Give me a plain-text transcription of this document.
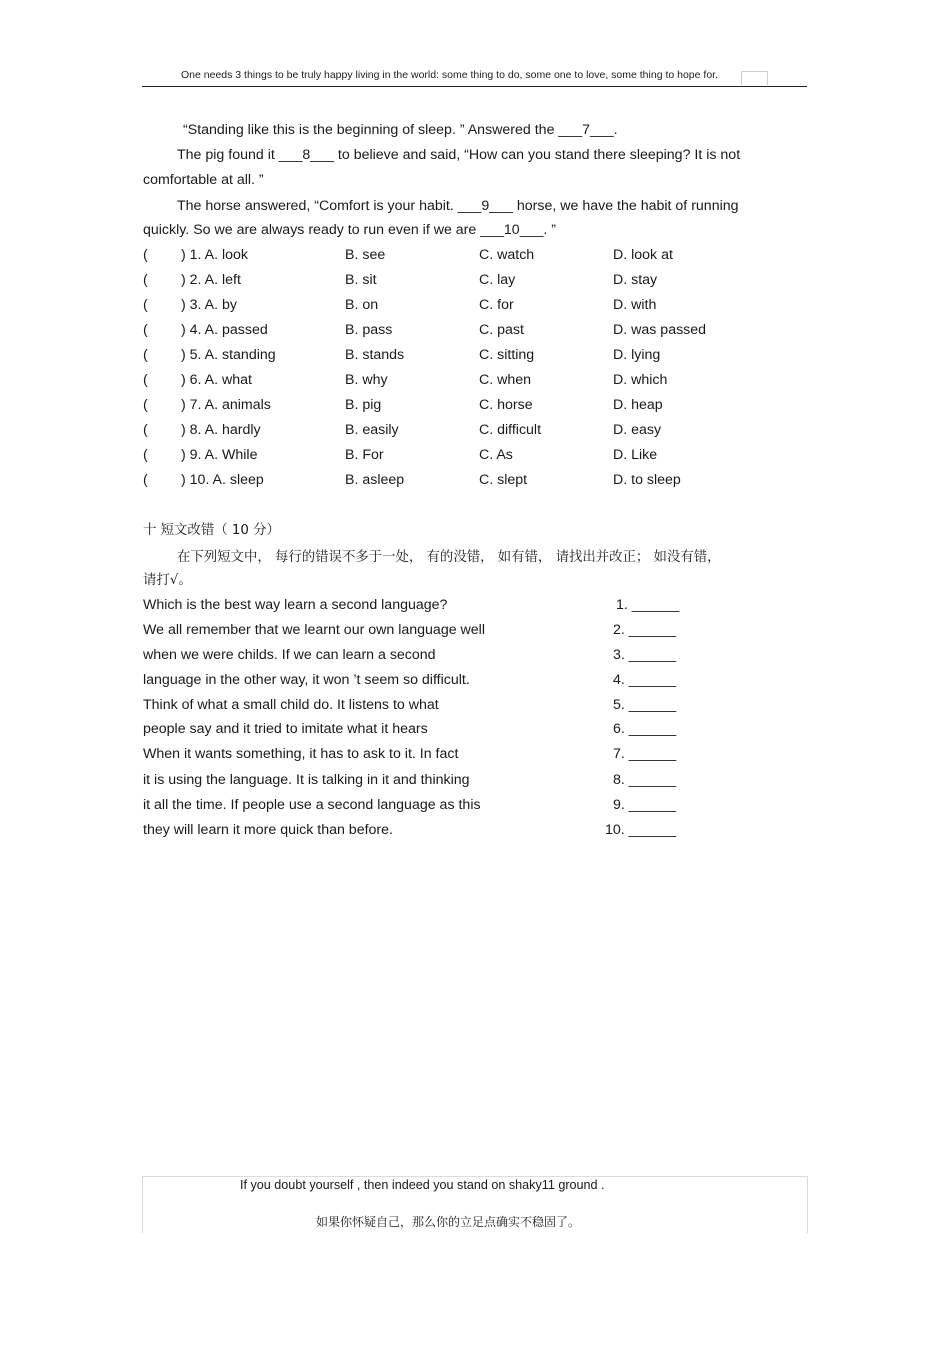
One needs 3 things to be truly happy living in the world: some thing to do, some one to love, some thing to hope for.
“Standing like this is the beginning of sleep. ” Answered the ___7___.
The pig found it ___8___ to believe and said, “How can you stand there sleeping? It is not
comfortable at all. ”
The horse answered, “Comfort is your habit. ___9___ horse, we have the habit of running
quickly. So we are always ready to run even if we are ___10___. ”
( ) 1. A. look	B. see	C. watch	D. look at
( ) 2. A. left	B. sit	C. lay	D. stay
( ) 3. A. by	B. on	C. for	D. with
( ) 4. A. passed	B. pass	C. past	D. was passed
( ) 5. A. standing	B. stands	C. sitting	D. lying
( ) 6. A. what	B. why	C. when	D. which
( ) 7. A. animals	B. pig	C. horse	D. heap
( ) 8. A. hardly	B. easily	C. difficult	D. easy
( ) 9. A. While	B. For	C. As	D. Like
( ) 10. A. sleep	B. asleep	C. slept	D. to sleep
十 短文改错（ 10 分）
在下列短文中， 每行的错误不多于一处， 有的没错， 如有错， 请找出并改正； 如没有错，
请打√。
Which is the best way learn a second language?	1. ______
We all remember that we learnt our own language well	2. ______
when we were childs. If we can learn a second	3. ______
language in the other way, it won ’t seem so difficult.	4. ______
Think of what a small child do. It listens to what	5. ______
people say and it tried to imitate what it hears	6. ______
When it wants something, it has to ask to it. In fact	7. ______
it is using the language. It is talking in it and thinking	8. ______
it all the time. If people use a second language as this	9. ______
they will learn it more quick than before.	10. ______
If you doubt yourself , then indeed you stand on shaky11 ground .
如果你怀疑自己，那么你的立足点确实不稳固了。
